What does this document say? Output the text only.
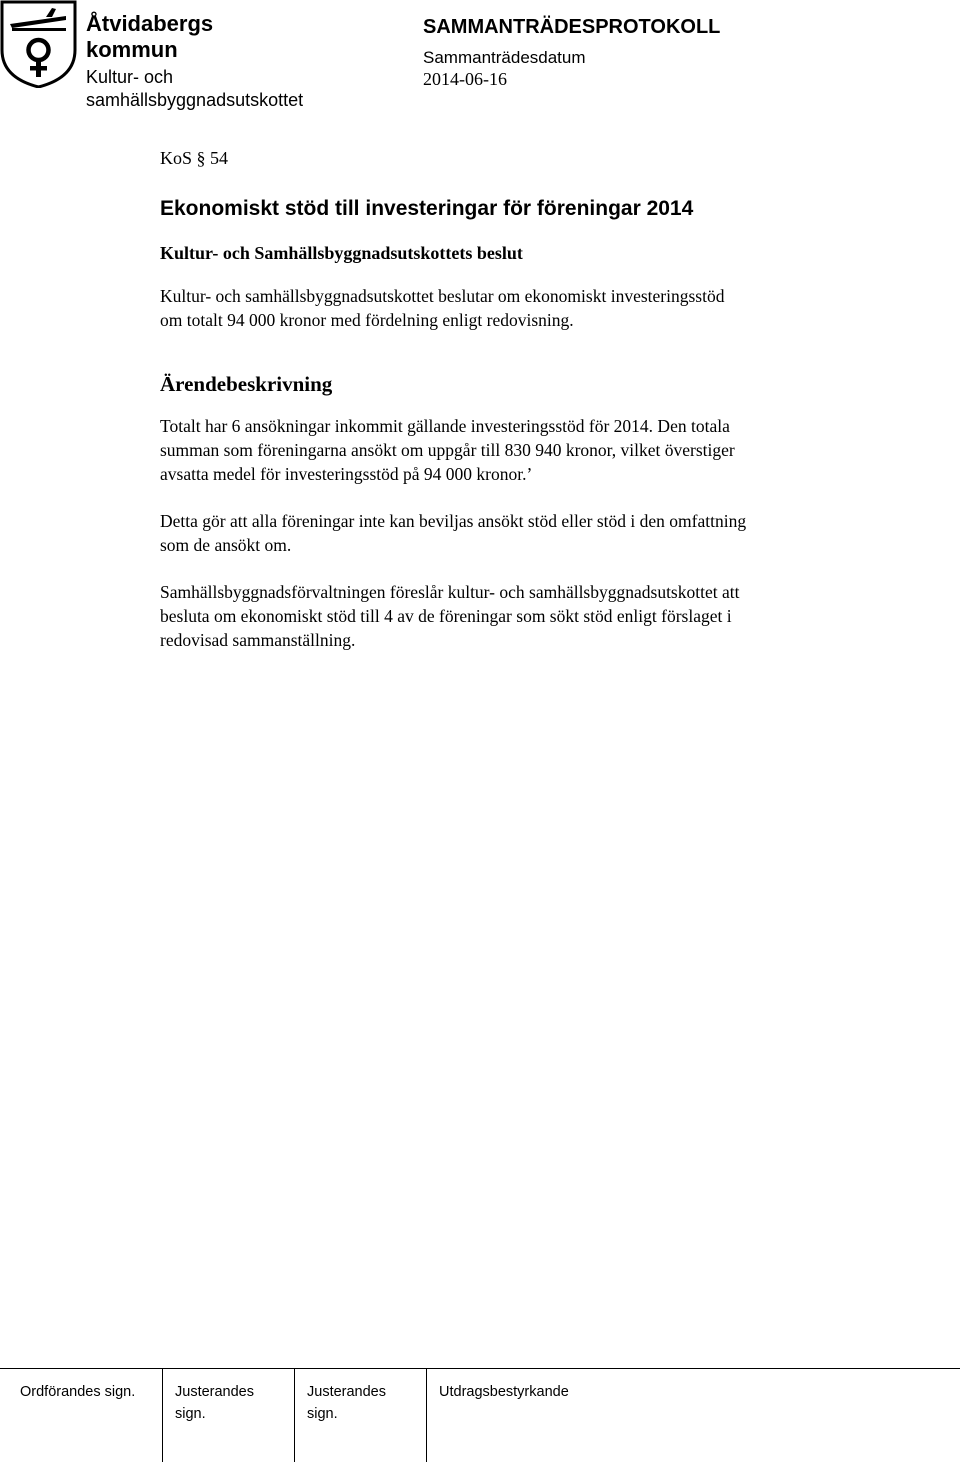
Åtvidabergs
kommun
Kultur- och
samhällsbyggnadsutskottet
SAMMANTRÄDESPROTOKOLL
Sammanträdesdatum
2014-06-16

KoS § 54

Ekonomiskt stöd till investeringar för föreningar 2014
Kultur- och Samhällsbyggnadsutskottets beslut
Kultur- och samhällsbyggnadsutskottet beslutar om ekonomiskt investeringsstöd
om totalt 94 000 kronor med fördelning enligt redovisning.
Ärendebeskrivning
Totalt har 6 ansökningar inkommit gällande investeringsstöd för 2014. Den totala
summan som föreningarna ansökt om uppgår till 830 940 kronor, vilket överstiger
avsatta medel för investeringsstöd på 94 000 kronor.’
Detta gör att alla föreningar inte kan beviljas ansökt stöd eller stöd i den omfattning
som de ansökt om.
Samhällsbyggnadsförvaltningen föreslår kultur- och samhällsbyggnadsutskottet att
besluta om ekonomiskt stöd till 4 av de föreningar som sökt stöd enligt förslaget i
redovisad sammanställning.
Ordförandes sign.	Justerandes
sign.
Justerandes
sign.
Utdragsbestyrkande
